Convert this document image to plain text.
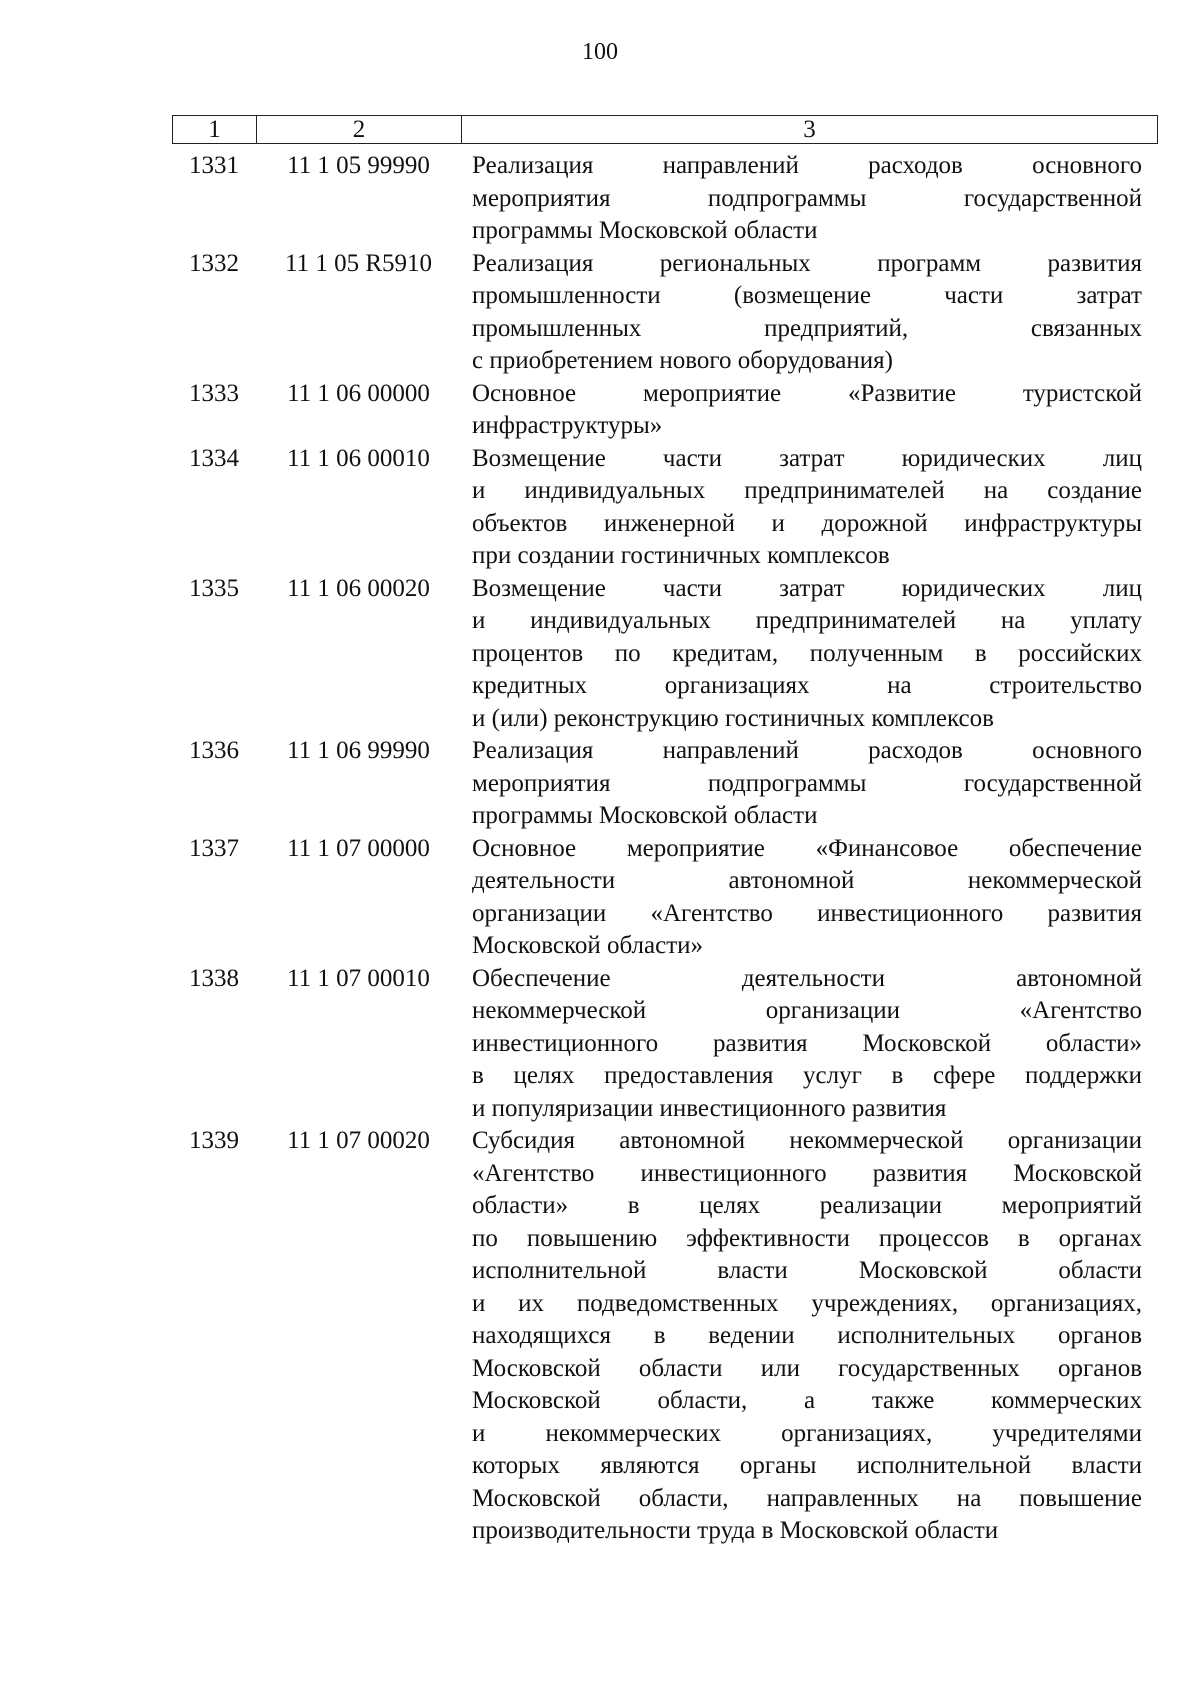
100
1	2	3
1331	11 1 05 99990	Реализация направлений расходов основного
мероприятия подпрограммы государственной
программы Московской области
1332	11 1 05 R5910	Реализация региональных программ развития
промышленности (возмещение части затрат
промышленных предприятий, связанных
с приобретением нового оборудования)
1333	11 1 06 00000	Основное мероприятие «Развитие туристской
инфраструктуры»
1334	11 1 06 00010	Возмещение части затрат юридических лиц
и индивидуальных предпринимателей на создание
объектов инженерной и дорожной инфраструктуры
при создании гостиничных комплексов
1335	11 1 06 00020	Возмещение части затрат юридических лиц
и индивидуальных предпринимателей на уплату
процентов по кредитам, полученным в российских
кредитных организациях на строительство
и (или) реконструкцию гостиничных комплексов
1336	11 1 06 99990	Реализация направлений расходов основного
мероприятия подпрограммы государственной
программы Московской области
1337	11 1 07 00000	Основное мероприятие «Финансовое обеспечение
деятельности автономной некоммерческой
организации «Агентство инвестиционного развития
Московской области»
1338	11 1 07 00010	Обеспечение деятельности автономной
некоммерческой организации «Агентство
инвестиционного развития Московской области»
в целях предоставления услуг в сфере поддержки
и популяризации инвестиционного развития
1339	11 1 07 00020	Субсидия автономной некоммерческой организации
«Агентство инвестиционного развития Московской
области» в целях реализации мероприятий
по повышению эффективности процессов в органах
исполнительной власти Московской области
и их подведомственных учреждениях, организациях,
находящихся в ведении исполнительных органов
Московской области или государственных органов
Московской области, а также коммерческих
и некоммерческих организациях, учредителями
которых являются органы исполнительной власти
Московской области, направленных на повышение
производительности труда в Московской области
